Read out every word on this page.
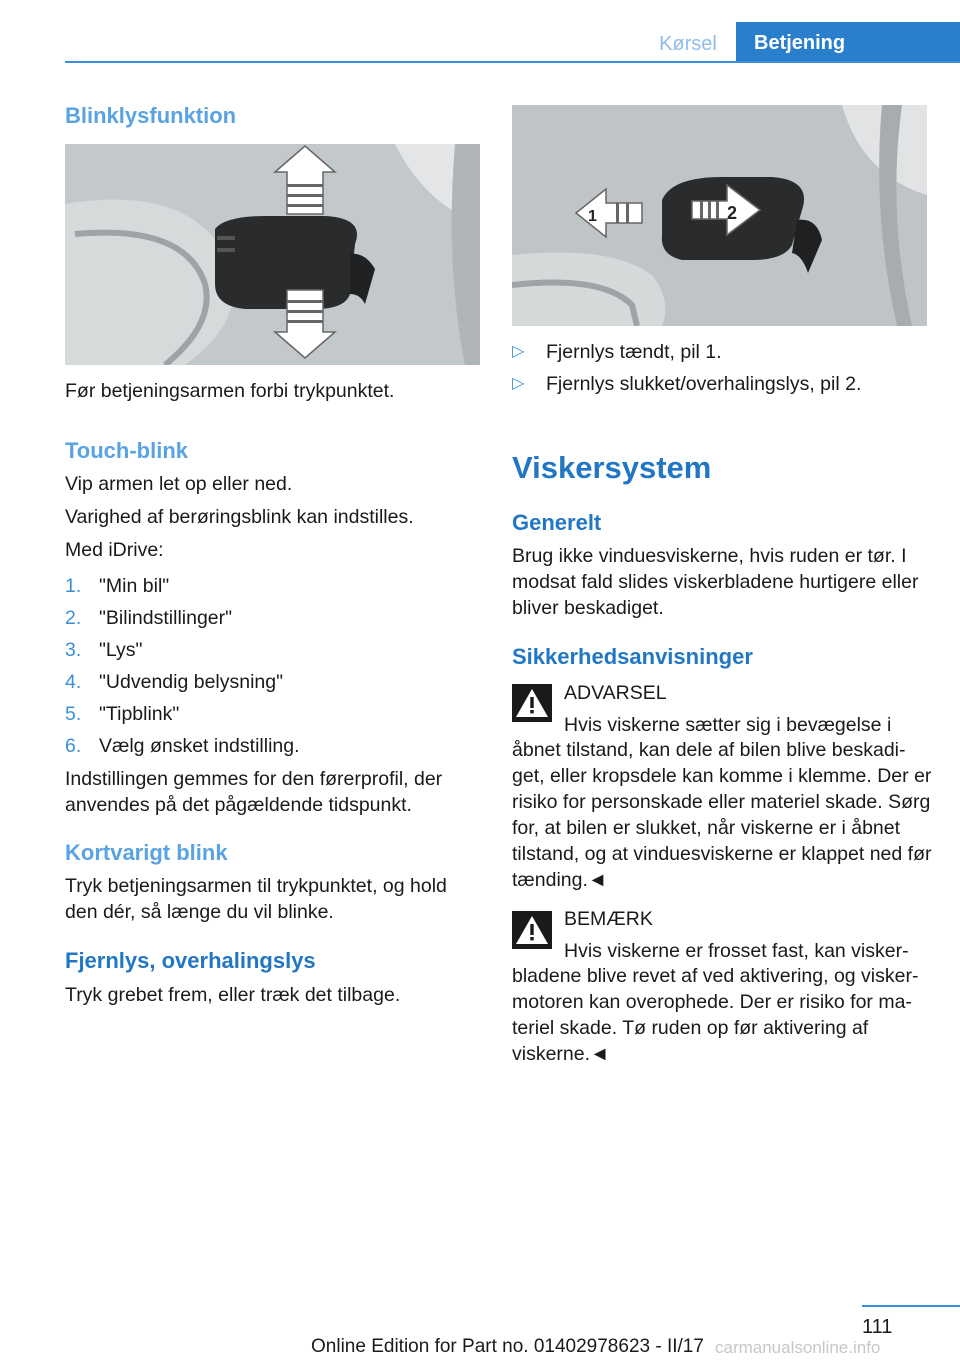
Kørsel	Betjening
Blinklysfunktion
Før betjeningsarmen forbi trykpunktet.
Touch-blink
Vip armen let op eller ned.
Varighed af berøringsblink kan indstilles.
Med iDrive:
1. "Min bil"
2. "Bilindstillinger"
3. "Lys"
4. "Udvendig belysning"
5. "Tipblink"
6. Vælg ønsket indstilling.
Indstillingen gemmes for den førerprofil, der anvendes på det pågældende tidspunkt.
Kortvarigt blink
Tryk betjeningsarmen til trykpunktet, og hold den dér, så længe du vil blinke.
Fjernlys, overhalingslys
Tryk grebet frem, eller træk det tilbage.
1	2
▷ Fjernlys tændt, pil 1.
▷ Fjernlys slukket/overhalingslys, pil 2.
Viskersystem
Generelt
Brug ikke vinduesviskerne, hvis ruden er tør. I modsat fald slides viskerbladene hurtigere eller bliver beskadiget.
Sikkerhedsanvisninger
ADVARSEL
Hvis viskerne sætter sig i bevægelse i
åbnet tilstand, kan dele af bilen blive beskadi-get, eller kropsdele kan komme i klemme. Der er risiko for personskade eller materiel skade. Sørg for, at bilen er slukket, når viskerne er i åbnet tilstand, og at vinduesviskerne er klappet ned før tænding.◄
BEMÆRK
Hvis viskerne er frosset fast, kan visker-
bladene blive revet af ved aktivering, og visker-motoren kan overophede. Der er risiko for ma-teriel skade. Tø ruden op før aktivering af viskerne.◄
111
Online Edition for Part no. 01402978623 - II/17 carmanualsonline.info
